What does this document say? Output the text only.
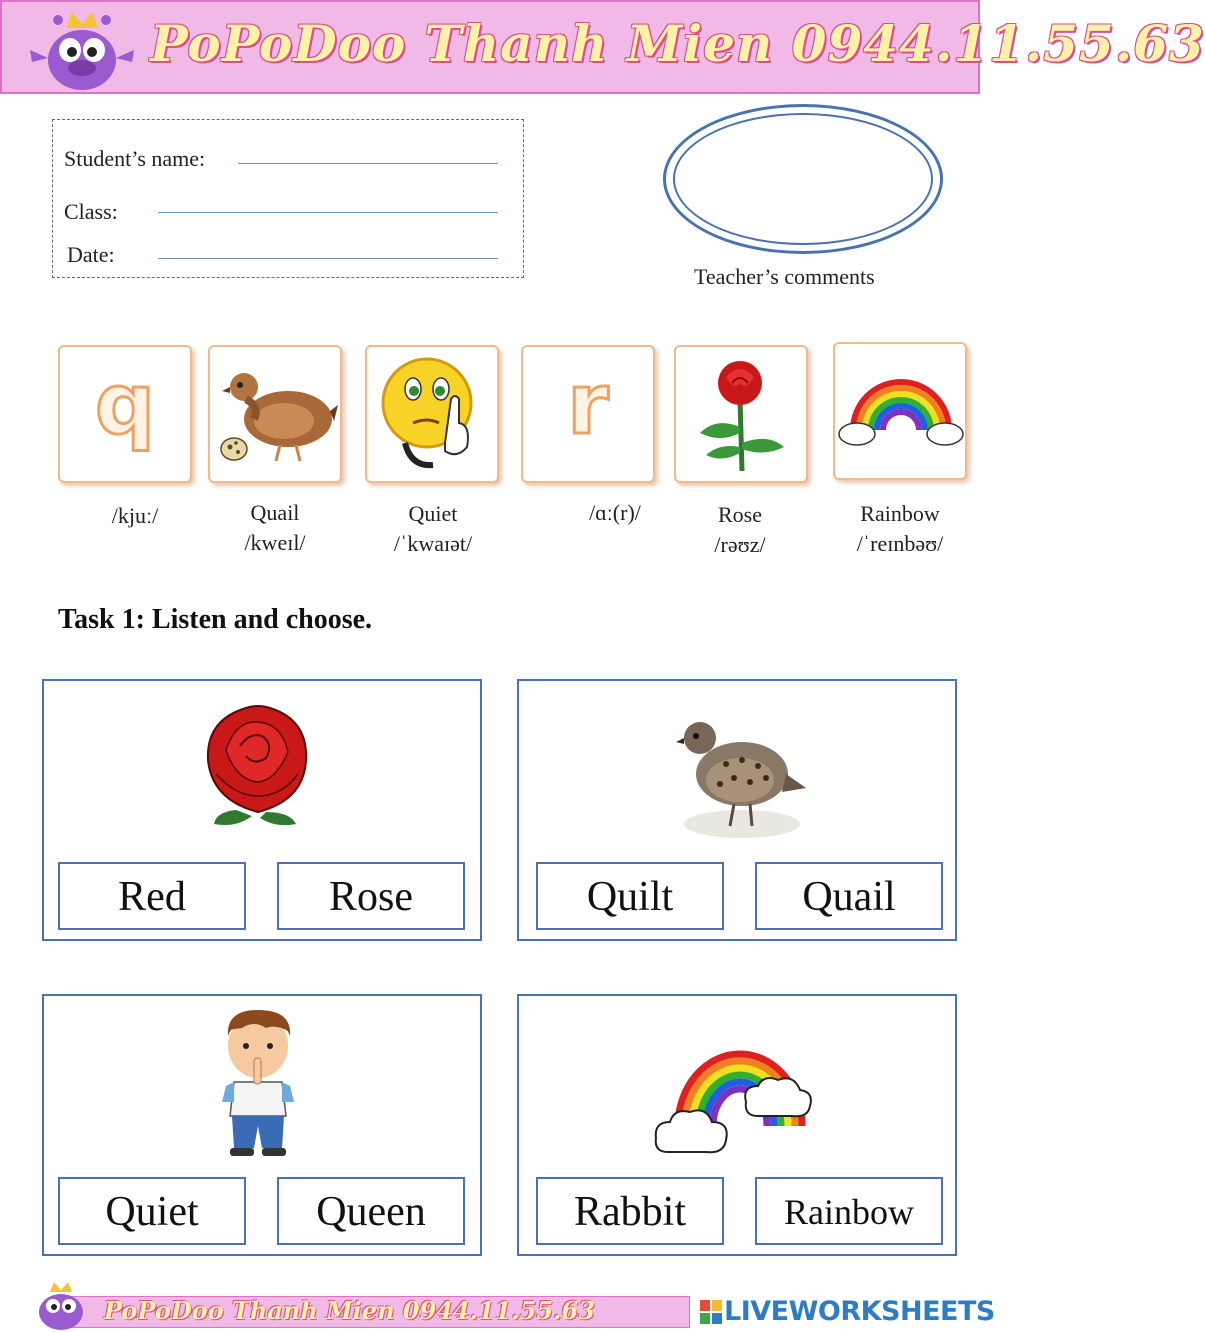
PoPoDoo Thanh Mien 0944.11.55.63
Student’s name:
Class:
Date:
Teacher’s comments
q	r
/kjuː/	Quail
/kweɪl/
Quiet
/ˈkwaɪət/
/ɑː(r)/	Rose
/rəʊz/
Rainbow
/ˈreɪnbəʊ/
Task 1: Listen and choose.
Red	Rose	Quilt	Quail
Quiet	Queen	Rabbit	Rainbow
PoPoDoo Thanh Mien 0944.11.55.63	LIVEWORKSHEETS
